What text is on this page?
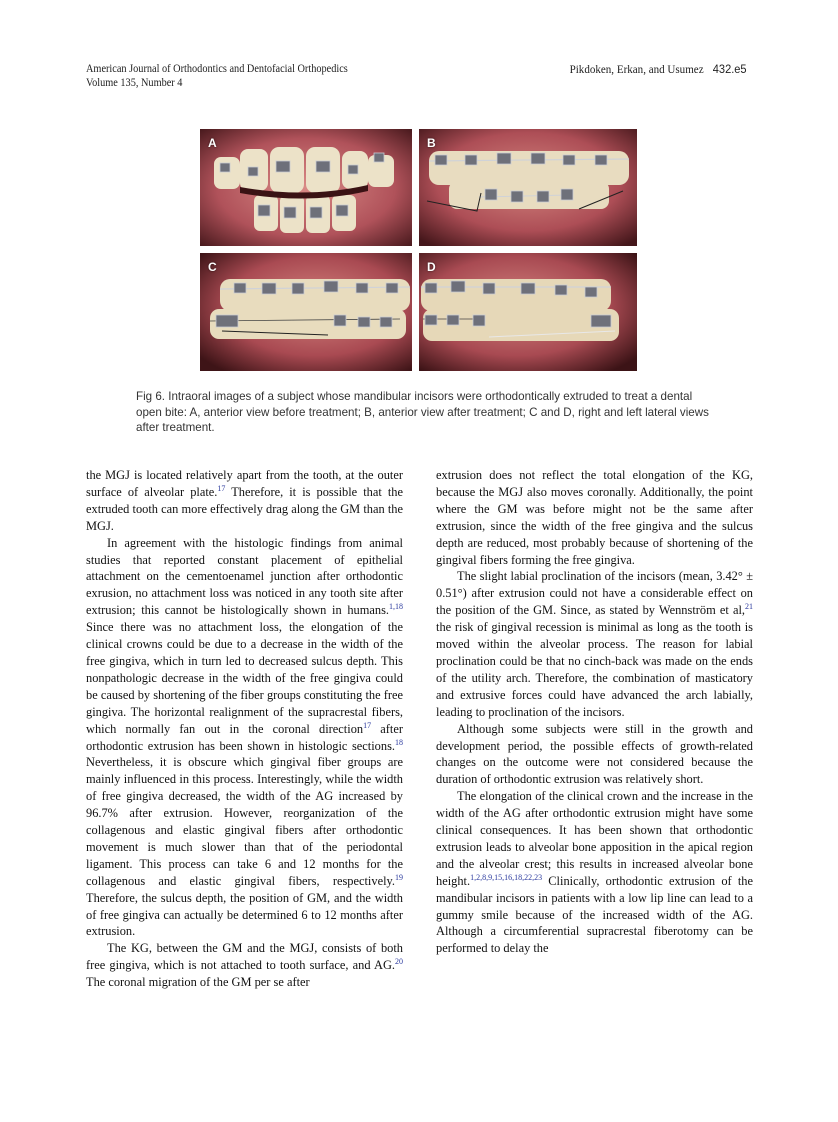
American Journal of Orthodontics and Dentofacial Orthopedics
Volume 135, Number 4
Pikdoken, Erkan, and Usumez 432.e5
A	B
C	D
Fig 6. Intraoral images of a subject whose mandibular incisors were orthodontically extruded to treat a dental open bite: A, anterior view before treatment; B, anterior view after treatment; C and D, right and left lateral views after treatment.

the MGJ is located relatively apart from the tooth, at the outer surface of alveolar plate.$^{17}$ Therefore, it is possible that the extruded tooth can more effectively drag along the GM than the MGJ.

In agreement with the histologic findings from animal studies that reported constant placement of epithelial attachment on the cementoenamel junction after orthodontic exrusion, no attachment loss was noticed in any tooth site after extrusion; this cannot be histologically shown in humans.$^{1,18}$ Since there was no attachment loss, the elongation of the clinical crowns could be due to a decrease in the width of the free gingiva, which in turn led to decreased sulcus depth. This nonpathologic decrease in the width of the free gingiva could be caused by shortening of the fiber groups constituting the free gingiva. The horizontal realignment of the supracrestal fibers, which normally fan out in the coronal direction$^{17}$ after orthodontic extrusion has been shown in histologic sections.$^{18}$ Nevertheless, it is obscure which gingival fiber groups are mainly influenced in this process. Interestingly, while the width of free gingiva decreased, the width of the AG increased by 96.7% after extrusion. However, reorganization of the collagenous and elastic gingival fibers after orthodontic movement is much slower than that of the periodontal ligament. This process can take 6 and 12 months for the collagenous and elastic gingival fibers, respectively.$^{19}$ Therefore, the sulcus depth, the position of GM, and the width of free gingiva can actually be determined 6 to 12 months after extrusion.

The KG, between the GM and the MGJ, consists of both free gingiva, which is not attached to tooth surface, and AG.$^{20}$ The coronal migration of the GM per se after

extrusion does not reflect the total elongation of the KG, because the MGJ also moves coronally. Additionally, the point where the GM was before might not be the same after extrusion, since the width of the free gingiva and the sulcus depth are reduced, most probably because of shortening of the gingival fibers forming the free gingiva.

The slight labial proclination of the incisors (mean, 3.42° ± 0.51°) after extrusion could not have a considerable effect on the position of the GM. Since, as stated by Wennström et al,$^{21}$ the risk of gingival recession is minimal as long as the tooth is moved within the alveolar process. The reason for labial proclination could be that no cinch-back was made on the ends of the utility arch. Therefore, the combination of masticatory and extrusive forces could have advanced the arch labially, leading to proclination of the incisors.

Although some subjects were still in the growth and development period, the possible effects of growth-related changes on the outcome were not considered because the duration of orthodontic extrusion was relatively short.

The elongation of the clinical crown and the increase in the width of the AG after orthodontic extrusion might have some clinical consequences. It has been shown that orthodontic extrusion leads to alveolar bone apposition in the apical region and the alveolar crest; this results in increased alveolar bone height.$^{1,2,8,9,15,16,18,22,23}$ Clinically, orthodontic extrusion of the mandibular incisors in patients with a low lip line can lead to a gummy smile because of the increased width of the AG. Although a circumferential supracrestal fiberotomy can be performed to delay the
